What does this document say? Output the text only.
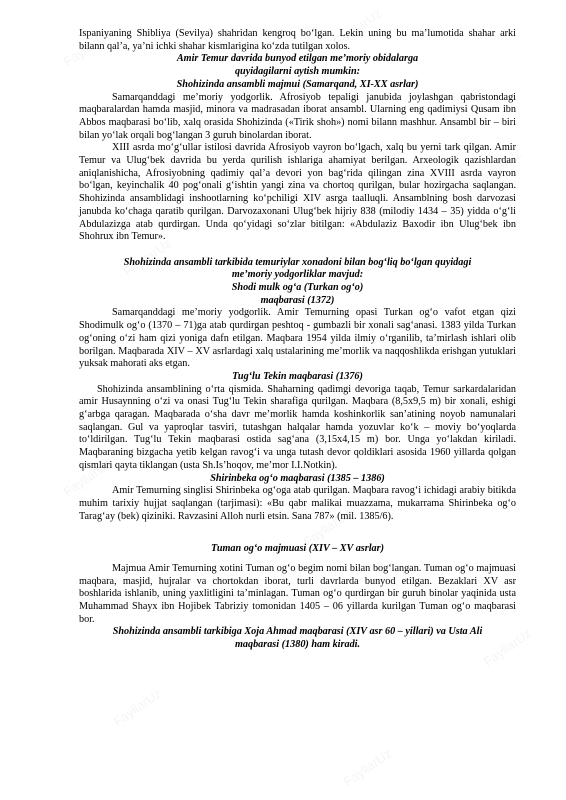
Ispaniyaning Shibliya (Sevilya) shahridan kengroq bo‘lgan. Lekin uning bu ma’lumotida shahar arki bilann qal’a, ya’ni ichki shahar kismlarigina ko‘zda tutilgan xolos.

Amir Temur davrida bunyod etilgan me’moriy obidalarga

quyidagilarni aytish mumkin:

Shohizinda ansambli majmui (Samarqand, XI-XX asrlar)

Samarqanddagi me’moriy yodgorlik. Afrosiyob tepaligi janubida joylashgan qabristondagi maqbaralardan hamda masjid, minora va madrasadan iborat ansambl. Ularning eng qadimiysi Qusam ibn Abbos maqbarasi bo‘lib, xalq orasida Shohizinda («Tirik shoh») nomi bilann mashhur. Ansambl bir – biri bilan yo‘lak orqali bog‘langan 3 guruh binolardan iborat.

XIII asrda mo‘g‘ullar istilosi davrida Afrosiyob vayron bo‘lgach, xalq bu yerni tark qilgan. Amir Temur va Ulug‘bek davrida bu yerda qurilish ishlariga ahamiyat berilgan. Arxeologik qazishlardan aniqlanishicha, Afrosiyobning qadimiy qal’a devori yon bag‘rida qilingan zina XVIII asrda vayron bo‘lgan, keyinchalik 40 pog‘onali g‘ishtin yangi zina va chortoq qurilgan, bular hozirgacha saqlangan. Shohizinda ansamblidagi inshootlarning ko‘pchiligi XIV asrga taalluqli. Ansamblning bosh darvozasi janubda ko‘chaga qaratib qurilgan. Darvozaxonani Ulug‘bek hijriy 838 (milodiy 1434 – 35) yidda o‘g‘li Abdulazizga atab qurdirgan. Unda qo‘yidagi so‘zlar bitilgan: «Abdulaziz Baxodir ibn Ulug‘bek ibn Shohrux ibn Temur».

Shohizinda ansambli tarkibida temuriylar xonadoni bilan bog‘liq bo‘lgan quyidagi

me’moriy yodgorliklar mavjud:

Shodi mulk og‘a (Turkan og‘o)

maqbarasi (1372)

Samarqanddagi me’moriy yodgorlik. Amir Temurning opasi Turkan og‘o vafot etgan qizi Shodimulk og‘o (1370 – 71)ga atab qurdirgan peshtoq - gumbazli bir xonali sag‘anasi. 1383 yilda Turkan og‘oning o‘zi ham qizi yoniga dafn etilgan. Maqbara 1954 yilda ilmiy o‘rganilib, ta’mirlash ishlari olib borilgan. Maqbarada XIV – XV asrlardagi xalq ustalarining me’morlik va naqqoshlikda erishgan yutuklari yuksak mahorati aks etgan.

Tug‘lu Tekin maqbarasi (1376)

Shohizinda ansamblining o‘rta qismida. Shaharning qadimgi devoriga taqab, Temur sarkardalaridan amir Husaynning o‘zi va onasi Tug‘lu Tekin sharafiga qurilgan. Maqbara (8,5x9,5 m) bir xonali, eshigi g‘arbga qaragan. Maqbarada o‘sha davr me’morlik hamda koshinkorlik san’atining noyob namunalari saqlangan. Gul va yaproqlar tasviri, tutashgan halqalar hamda yozuvlar ko‘k – moviy bo‘yoqlarda to‘ldirilgan. Tug‘lu Tekin maqbarasi ostida sag‘ana (3,15x4,15 m) bor. Unga yo‘lakdan kiriladi. Maqbaraning bizgacha yetib kelgan ravog‘i va unga tutash devor qoldiklari asosida 1960 yillarda qolgan qismlari qayta tiklangan (usta Sh.Is’hoqov, me’mor I.I.Notkin).

Shirinbeka og‘o maqbarasi (1385 – 1386)

Amir Temurning singlisi Shirinbeka og‘oga atab qurilgan. Maqbara ravog‘i ichidagi arabiy bitikda muhim tarixiy hujjat saqlangan (tarjimasi): «Bu qabr malikai muazzama, mukarrama Shirinbeka og‘o Tarag‘ay (bek) qiziniki. Ravzasini Alloh nurli etsin. Sana 787» (mil. 1385/6).

Tuman og‘o majmuasi (XIV – XV asrlar)

Majmua Amir Temurning xotini Tuman og‘o begim nomi bilan bog‘langan. Tuman og‘o majmuasi maqbara, masjid, hujralar va chortokdan iborat, turli davrlarda bunyod etilgan. Bezaklari XV asr boshlarida ishlanib, uning yaxlitligini ta’minlagan. Tuman og‘o qurdirgan bir guruh binolar yaqinida usta Muhammad Shayx ibn Hojibek Tabriziy tomonidan 1405 – 06 yillarda kurilgan Tuman og‘o maqbarasi bor.

Shohizinda ansambli tarkibiga Xoja Ahmad maqbarasi (XIV asr 60 – yillari) va Usta Ali

maqbarasi (1380) ham kiradi.
